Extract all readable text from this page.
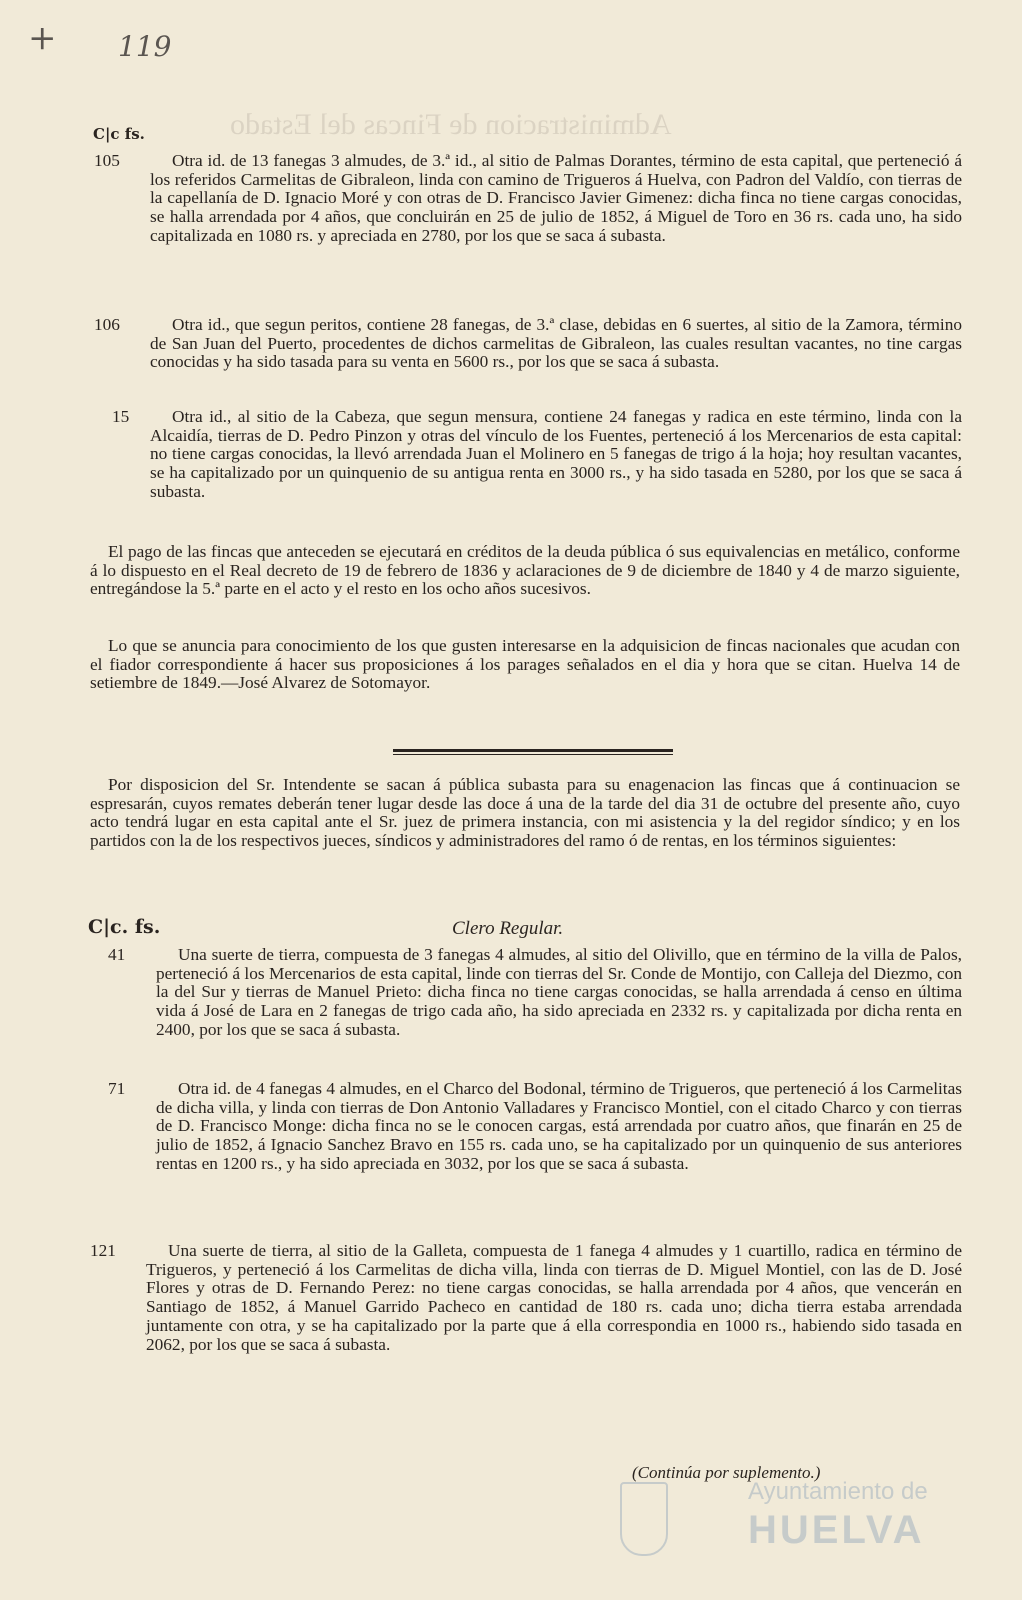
Administracion de Fincas del Estado
+ 119
C|c fs.
105	Otra id. de 13 fanegas 3 almudes, de 3.ª id., al sitio de Palmas Dorantes, término de esta capital, que perteneció á los referidos Carmelitas de Gibraleon, linda con camino de Trigueros á Huelva, con Padron del Valdío, con tierras de la capellanía de D. Ignacio Moré y con otras de D. Francisco Javier Gimenez: dicha finca no tiene cargas conocidas, se halla arrendada por 4 años, que concluirán en 25 de julio de 1852, á Miguel de Toro en 36 rs. cada uno, ha sido capitalizada en 1080 rs. y apreciada en 2780, por los que se saca á subasta.
106	Otra id., que segun peritos, contiene 28 fanegas, de 3.ª clase, debidas en 6 suertes, al sitio de la Zamora, término de San Juan del Puerto, procedentes de dichos carmelitas de Gibraleon, las cuales resultan vacantes, no tine cargas conocidas y ha sido tasada para su venta en 5600 rs., por los que se saca á subasta.
15	Otra id., al sitio de la Cabeza, que segun mensura, contiene 24 fanegas y radica en este término, linda con la Alcaidía, tierras de D. Pedro Pinzon y otras del vínculo de los Fuentes, perteneció á los Mercenarios de esta capital: no tiene cargas conocidas, la llevó arrendada Juan el Molinero en 5 fanegas de trigo á la hoja; hoy resultan vacantes, se ha capitalizado por un quinquenio de su antigua renta en 3000 rs., y ha sido tasada en 5280, por los que se saca á subasta.
El pago de las fincas que anteceden se ejecutará en créditos de la deuda pública ó sus equivalencias en metálico, conforme á lo dispuesto en el Real decreto de 19 de febrero de 1836 y aclaraciones de 9 de diciembre de 1840 y 4 de marzo siguiente, entregándose la 5.ª parte en el acto y el resto en los ocho años sucesivos.
Lo que se anuncia para conocimiento de los que gusten interesarse en la adquisicion de fincas nacionales que acudan con el fiador correspondiente á hacer sus proposiciones á los parages señalados en el dia y hora que se citan. Huelva 14 de setiembre de 1849.—José Alvarez de Sotomayor.
Por disposicion del Sr. Intendente se sacan á pública subasta para su enagenacion las fincas que á continuacion se espresarán, cuyos remates deberán tener lugar desde las doce á una de la tarde del dia 31 de octubre del presente año, cuyo acto tendrá lugar en esta capital ante el Sr. juez de primera instancia, con mi asistencia y la del regidor síndico; y en los partidos con la de los respectivos jueces, síndicos y administradores del ramo ó de rentas, en los términos siguientes:
C|c. fs.	Clero Regular.
41	Una suerte de tierra, compuesta de 3 fanegas 4 almudes, al sitio del Olivillo, que en término de la villa de Palos, perteneció á los Mercenarios de esta capital, linde con tierras del Sr. Conde de Montijo, con Calleja del Diezmo, con la del Sur y tierras de Manuel Prieto: dicha finca no tiene cargas conocidas, se halla arrendada á censo en última vida á José de Lara en 2 fanegas de trigo cada año, ha sido apreciada en 2332 rs. y capitalizada por dicha renta en 2400, por los que se saca á subasta.
71	Otra id. de 4 fanegas 4 almudes, en el Charco del Bodonal, término de Trigueros, que perteneció á los Carmelitas de dicha villa, y linda con tierras de Don Antonio Valladares y Francisco Montiel, con el citado Charco y con tierras de D. Francisco Monge: dicha finca no se le conocen cargas, está arrendada por cuatro años, que finarán en 25 de julio de 1852, á Ignacio Sanchez Bravo en 155 rs. cada uno, se ha capitalizado por un quinquenio de sus anteriores rentas en 1200 rs., y ha sido apreciada en 3032, por los que se saca á subasta.
121	Una suerte de tierra, al sitio de la Galleta, compuesta de 1 fanega 4 almudes y 1 cuartillo, radica en término de Trigueros, y perteneció á los Carmelitas de dicha villa, linda con tierras de D. Miguel Montiel, con las de D. José Flores y otras de D. Fernando Perez: no tiene cargas conocidas, se halla arrendada por 4 años, que vencerán en Santiago de 1852, á Manuel Garrido Pacheco en cantidad de 180 rs. cada uno; dicha tierra estaba arrendada juntamente con otra, y se ha capitalizado por la parte que á ella correspondia en 1000 rs., habiendo sido tasada en 2062, por los que se saca á subasta.
(Continúa por suplemento.)
Ayuntamiento de
HUELVA
